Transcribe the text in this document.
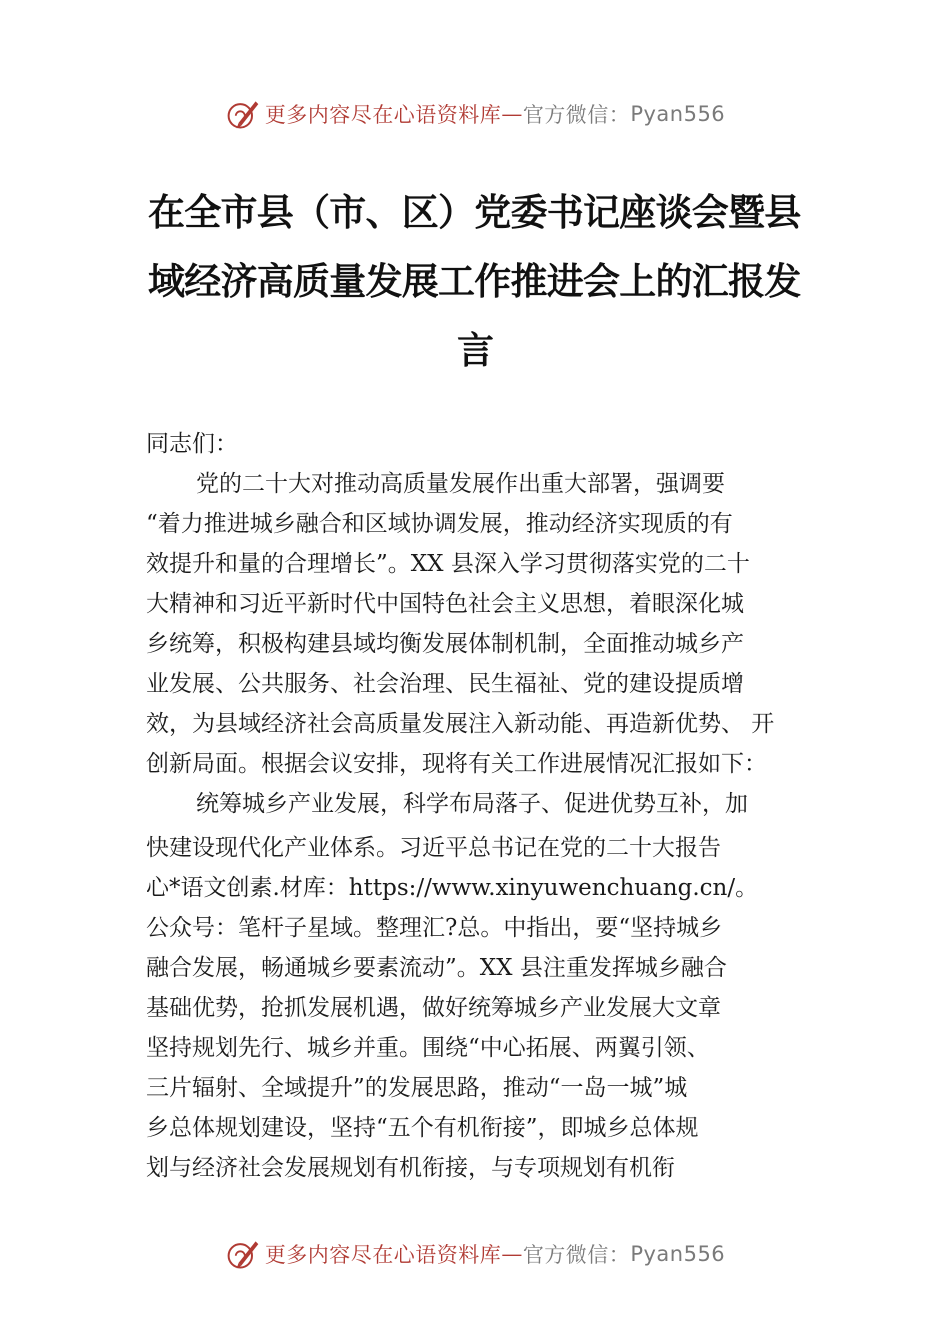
更多内容尽在心语资料库 — 官方微信： Pyan556
在全市县（市、区）党委书记座谈会暨县
域经济高质量发展工作推进会上的汇报发
言
同志们：
党的二十大对推动高质量发展作出重大部署，强调要
“着力推进城乡融合和区域协调发展，推动经济实现质的有
效提升和量的合理增长”。XX 县深入学习贯彻落实党的二十
大精神和习近平新时代中国特色社会主义思想，着眼深化城
乡统筹，积极构建县域均衡发展体制机制，全面推动城乡产
业发展、公共服务、社会治理、民生福祉、党的建设提质增
效，为县域经济社会高质量发展注入新动能、再造新优势、 开
创新局面。根据会议安排，现将有关工作进展情况汇报如下：
统筹城乡产业发展，科学布局落子、促进优势互补，加
快建设现代化产业体系。习近平总书记在党的二十大报告
心*语文创素.材库：https://www.xinyuwenchuang.cn/。
公众号：笔杆子星域。整理汇?总。中指出，要“坚持城乡
融合发展，畅通城乡要素流动”。XX 县注重发挥城乡融合
基础优势，抢抓发展机遇，做好统筹城乡产业发展大文章
坚持规划先行、城乡并重。围绕“中心拓展、两翼引领、
三片辐射、全域提升”的发展思路，推动“一岛一城”城
乡总体规划建设，坚持“五个有机衔接”，即城乡总体规
划与经济社会发展规划有机衔接，与专项规划有机衔
更多内容尽在心语资料库 — 官方微信： Pyan556
